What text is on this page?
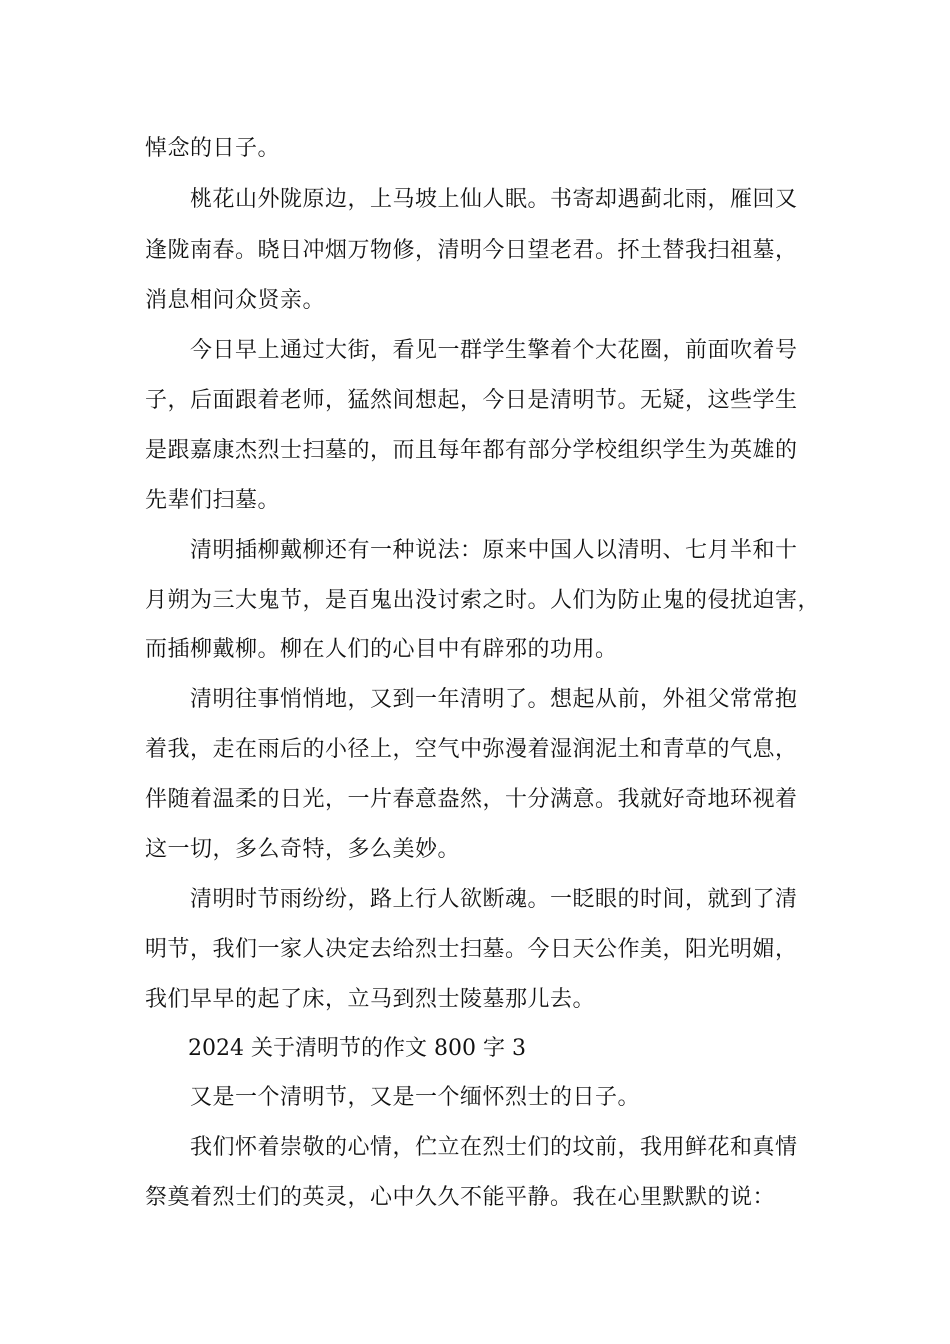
悼念的日子。
桃花山外陇原边，上马坡上仙人眠。书寄却遇蓟北雨，雁回又
逢陇南春。晓日冲烟万物修，清明今日望老君。抔土替我扫祖墓，
消息相问众贤亲。
今日早上通过大街，看见一群学生擎着个大花圈，前面吹着号
子，后面跟着老师，猛然间想起，今日是清明节。无疑，这些学生
是跟嘉康杰烈士扫墓的，而且每年都有部分学校组织学生为英雄的
先辈们扫墓。
清明插柳戴柳还有一种说法：原来中国人以清明、七月半和十
月朔为三大鬼节，是百鬼出没讨索之时。人们为防止鬼的侵扰迫害，
而插柳戴柳。柳在人们的心目中有辟邪的功用。
清明往事悄悄地，又到一年清明了。想起从前，外祖父常常抱
着我，走在雨后的小径上，空气中弥漫着湿润泥土和青草的气息，
伴随着温柔的日光，一片春意盎然，十分满意。我就好奇地环视着
这一切，多么奇特，多么美妙。
清明时节雨纷纷，路上行人欲断魂。一眨眼的时间，就到了清
明节，我们一家人决定去给烈士扫墓。今日天公作美，阳光明媚，
我们早早的起了床，立马到烈士陵墓那儿去。
2024 关于清明节的作文 800 字 3
又是一个清明节，又是一个缅怀烈士的日子。
我们怀着崇敬的心情，伫立在烈士们的坟前，我用鲜花和真情
祭奠着烈士们的英灵，心中久久不能平静。我在心里默默的说：
